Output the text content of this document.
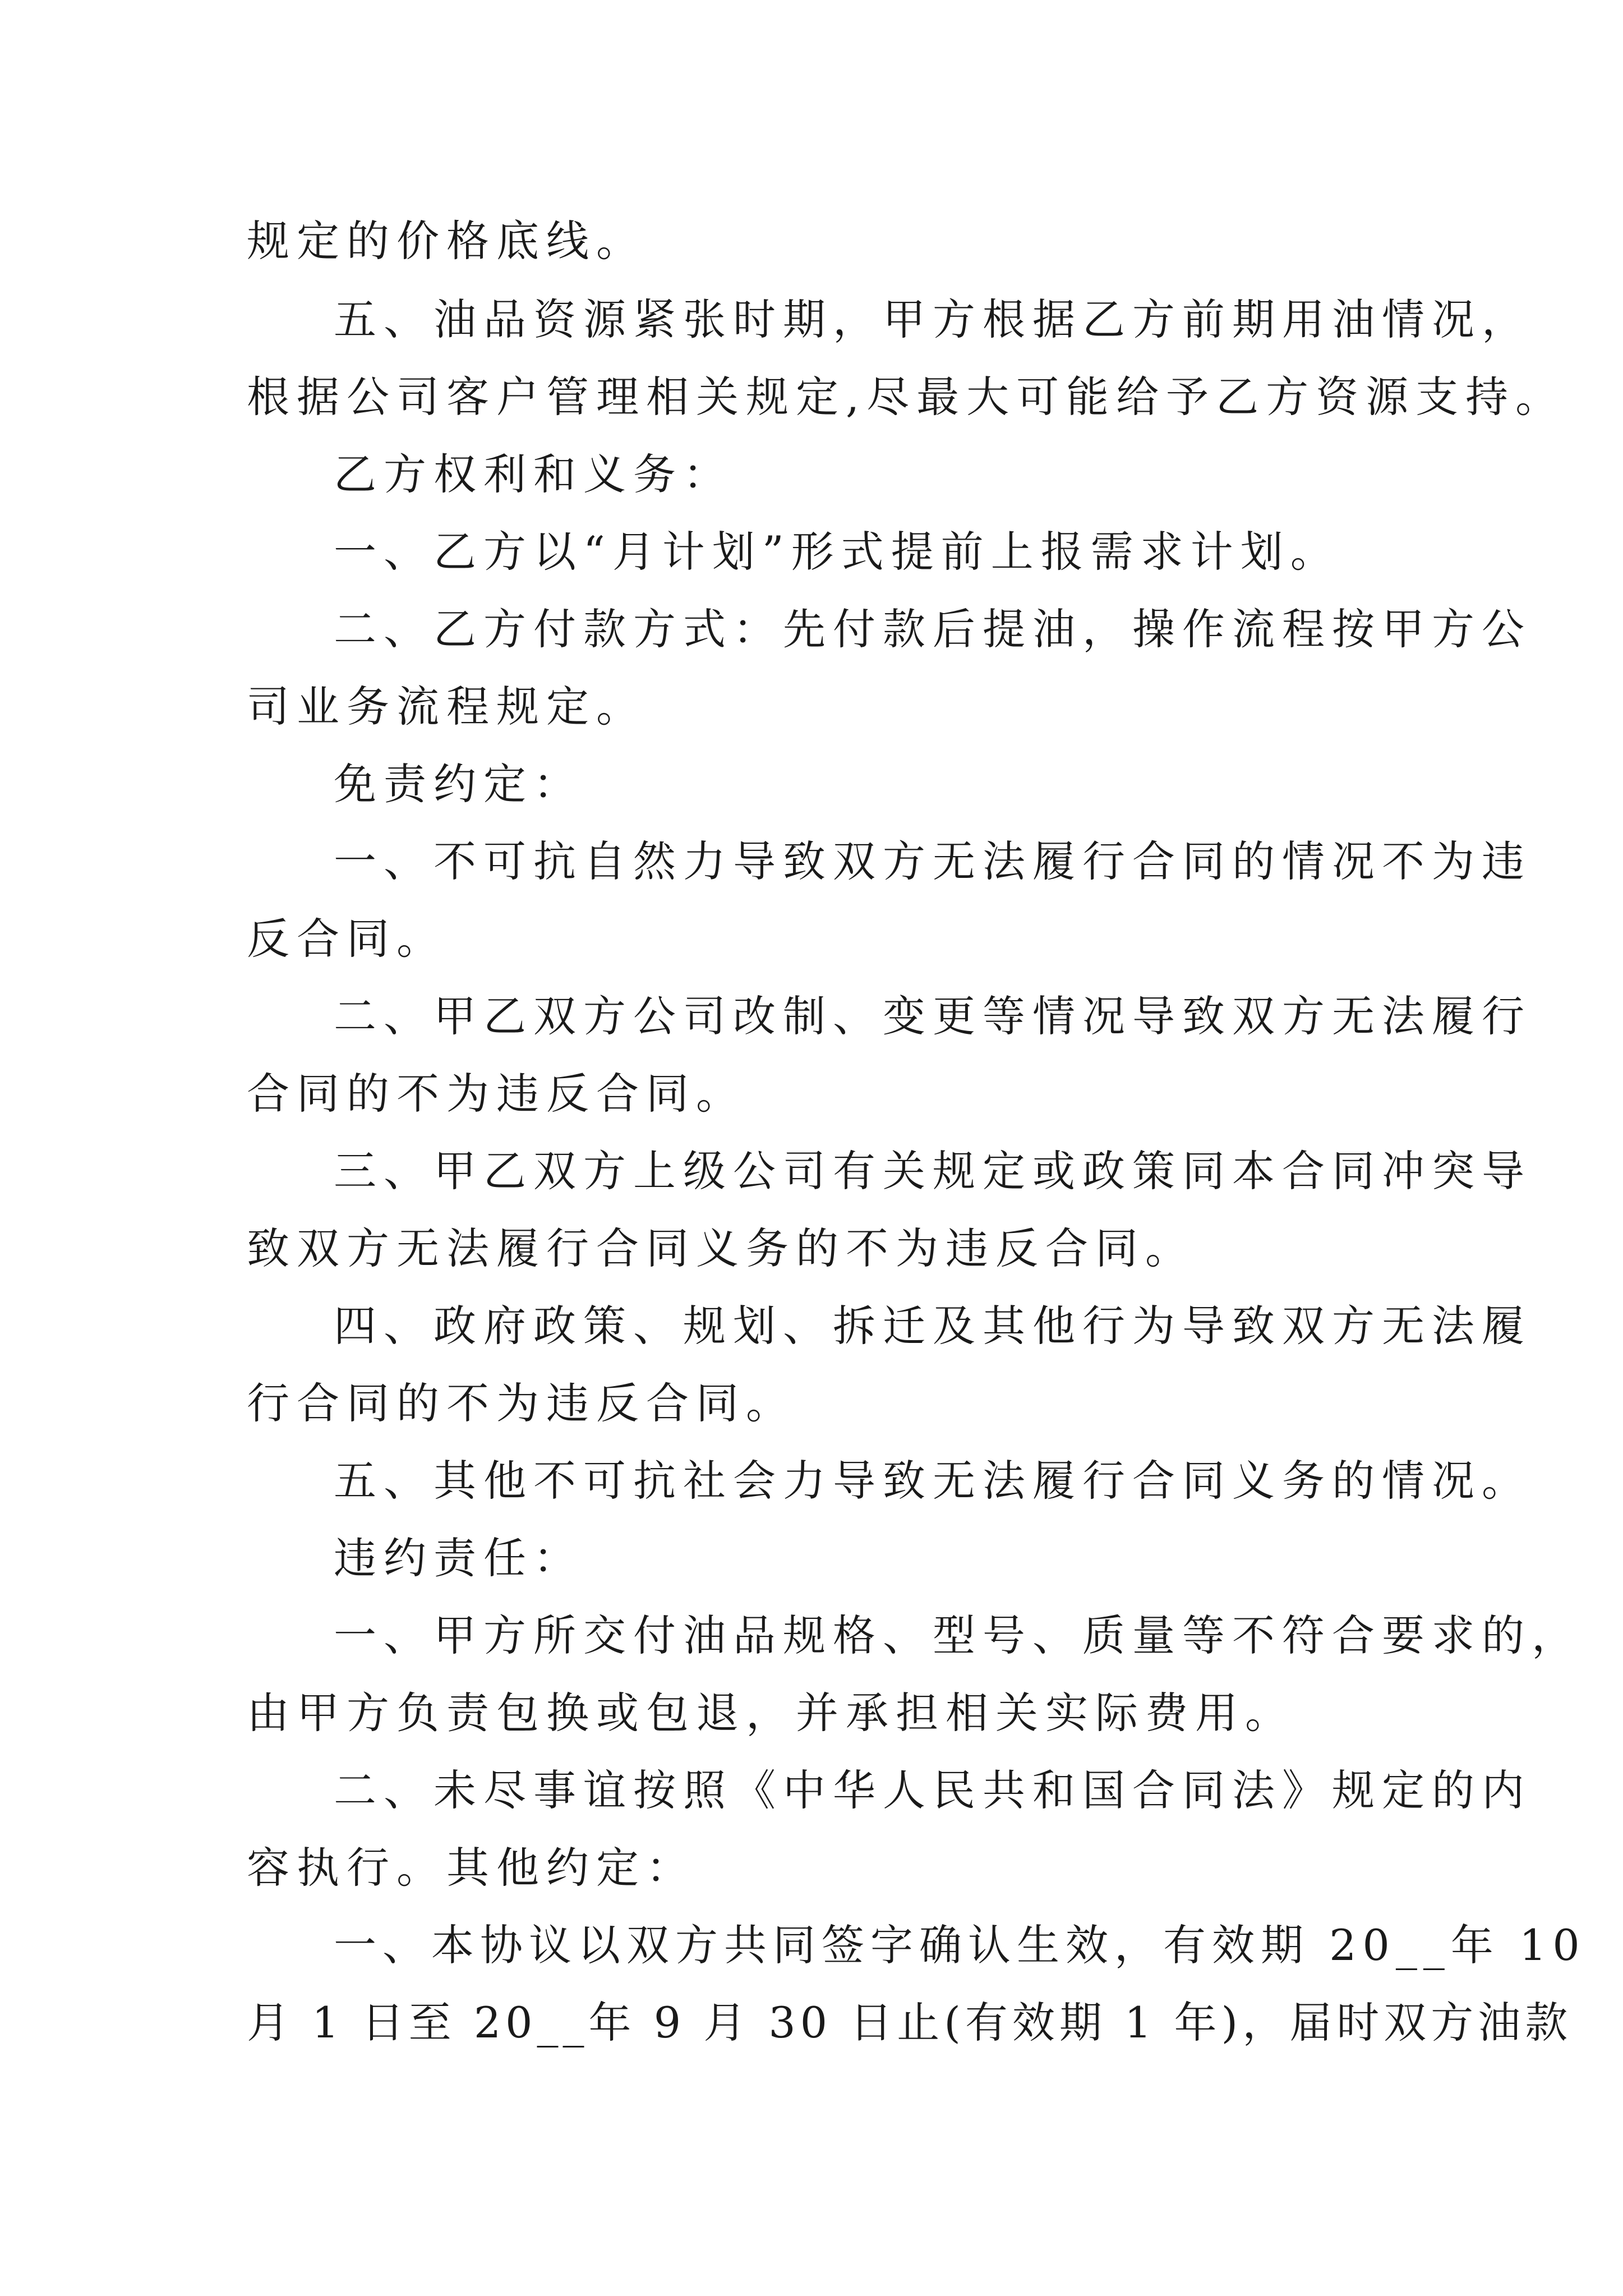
规定的价格底线。
五、油品资源紧张时期，甲方根据乙方前期用油情况，
根据公司客户管理相关规定,尽最大可能给予乙方资源支持。
乙方权利和义务：
一、乙方以“月计划”形式提前上报需求计划。
二、乙方付款方式：先付款后提油，操作流程按甲方公
司业务流程规定。
免责约定：
一、不可抗自然力导致双方无法履行合同的情况不为违
反合同。
二、甲乙双方公司改制、变更等情况导致双方无法履行
合同的不为违反合同。
三、甲乙双方上级公司有关规定或政策同本合同冲突导
致双方无法履行合同义务的不为违反合同。
四、政府政策、规划、拆迁及其他行为导致双方无法履
行合同的不为违反合同。
五、其他不可抗社会力导致无法履行合同义务的情况。
违约责任：
一、甲方所交付油品规格、型号、质量等不符合要求的，
由甲方负责包换或包退，并承担相关实际费用。
二、未尽事谊按照《中华人民共和国合同法》规定的内
容执行。其他约定：
一、本协议以双方共同签字确认生效，有效期 20__年 10
月 1 日至 20__年 9 月 30 日止(有效期 1 年)，届时双方油款
